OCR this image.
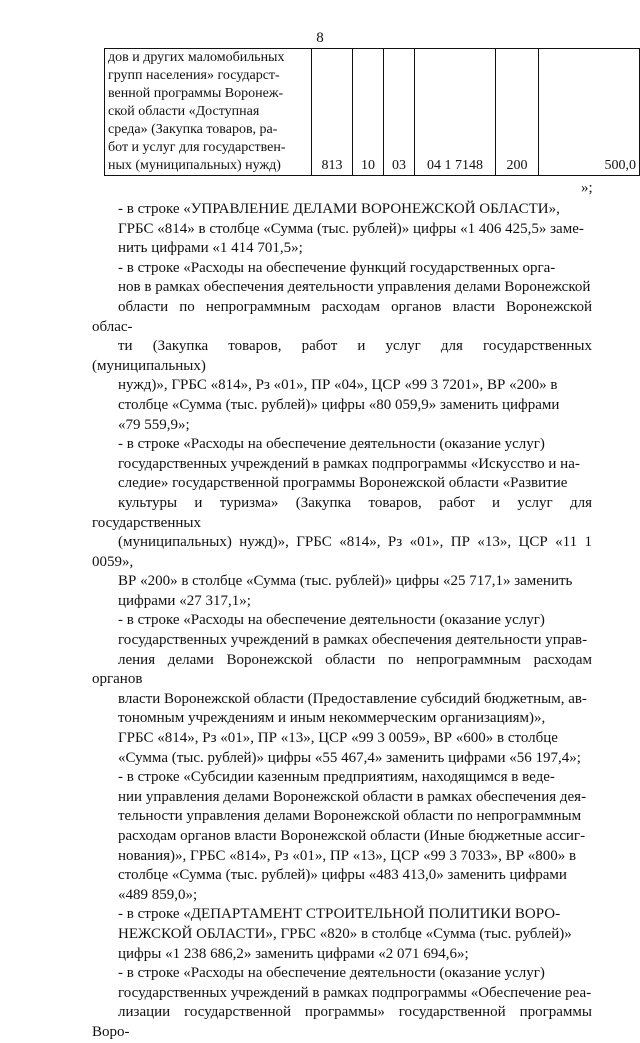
8
дов и других маломобильных
групп населения» государст-
венной программы Воронеж-
ской области «Доступная
среда» (Закупка товаров, ра-
бот и услуг для государствен-
ных (муниципальных) нужд)	813	10	03	04 1 7148	200	500,0
»;

- в строке «УПРАВЛЕНИЕ ДЕЛАМИ ВОРОНЕЖСКОЙ ОБЛАСТИ»,
ГРБС «814» в столбце «Сумма (тыс. рублей)» цифры «1 406 425,5» заме-
нить цифрами «1 414 701,5»;

- в строке «Расходы на обеспечение функций государственных орга-
нов в рамках обеспечения деятельности управления делами Воронежской
области по непрограммным расходам органов власти Воронежской облас-
ти (Закупка товаров, работ и услуг для государственных (муниципальных)
нужд)», ГРБС «814», Рз «01», ПР «04», ЦСР «99 3 7201», ВР «200» в
столбце «Сумма (тыс. рублей)» цифры «80 059,9» заменить цифрами
«79 559,9»;

- в строке «Расходы на обеспечение деятельности (оказание услуг)
государственных учреждений в рамках подпрограммы «Искусство и на-
следие» государственной программы Воронежской области «Развитие
культуры и туризма» (Закупка товаров, работ и услуг для государственных
(муниципальных) нужд)», ГРБС «814», Рз «01», ПР «13», ЦСР «11 1 0059»,
ВР «200» в столбце «Сумма (тыс. рублей)» цифры «25 717,1» заменить
цифрами «27 317,1»;

- в строке «Расходы на обеспечение деятельности (оказание услуг)
государственных учреждений в рамках обеспечения деятельности управ-
ления делами Воронежской области по непрограммным расходам органов
власти Воронежской области (Предоставление субсидий бюджетным, ав-
тономным учреждениям и иным некоммерческим организациям)»,
ГРБС «814», Рз «01», ПР «13», ЦСР «99 3 0059», ВР «600» в столбце
«Сумма (тыс. рублей)» цифры «55 467,4» заменить цифрами «56 197,4»;

- в строке «Субсидии казенным предприятиям, находящимся в веде-
нии управления делами Воронежской области в рамках обеспечения дея-
тельности управления делами Воронежской области по непрограммным
расходам органов власти Воронежской области (Иные бюджетные ассиг-
нования)», ГРБС «814», Рз «01», ПР «13», ЦСР «99 3 7033», ВР «800» в
столбце «Сумма (тыс. рублей)» цифры «483 413,0» заменить цифрами
«489 859,0»;

- в строке «ДЕПАРТАМЕНТ СТРОИТЕЛЬНОЙ ПОЛИТИКИ ВОРО-
НЕЖСКОЙ ОБЛАСТИ», ГРБС «820» в столбце «Сумма (тыс. рублей)»
цифры «1 238 686,2» заменить цифрами «2 071 694,6»;

- в строке «Расходы на обеспечение деятельности (оказание услуг)
государственных учреждений в рамках подпрограммы «Обеспечение реа-
лизации государственной программы» государственной программы Воро-
